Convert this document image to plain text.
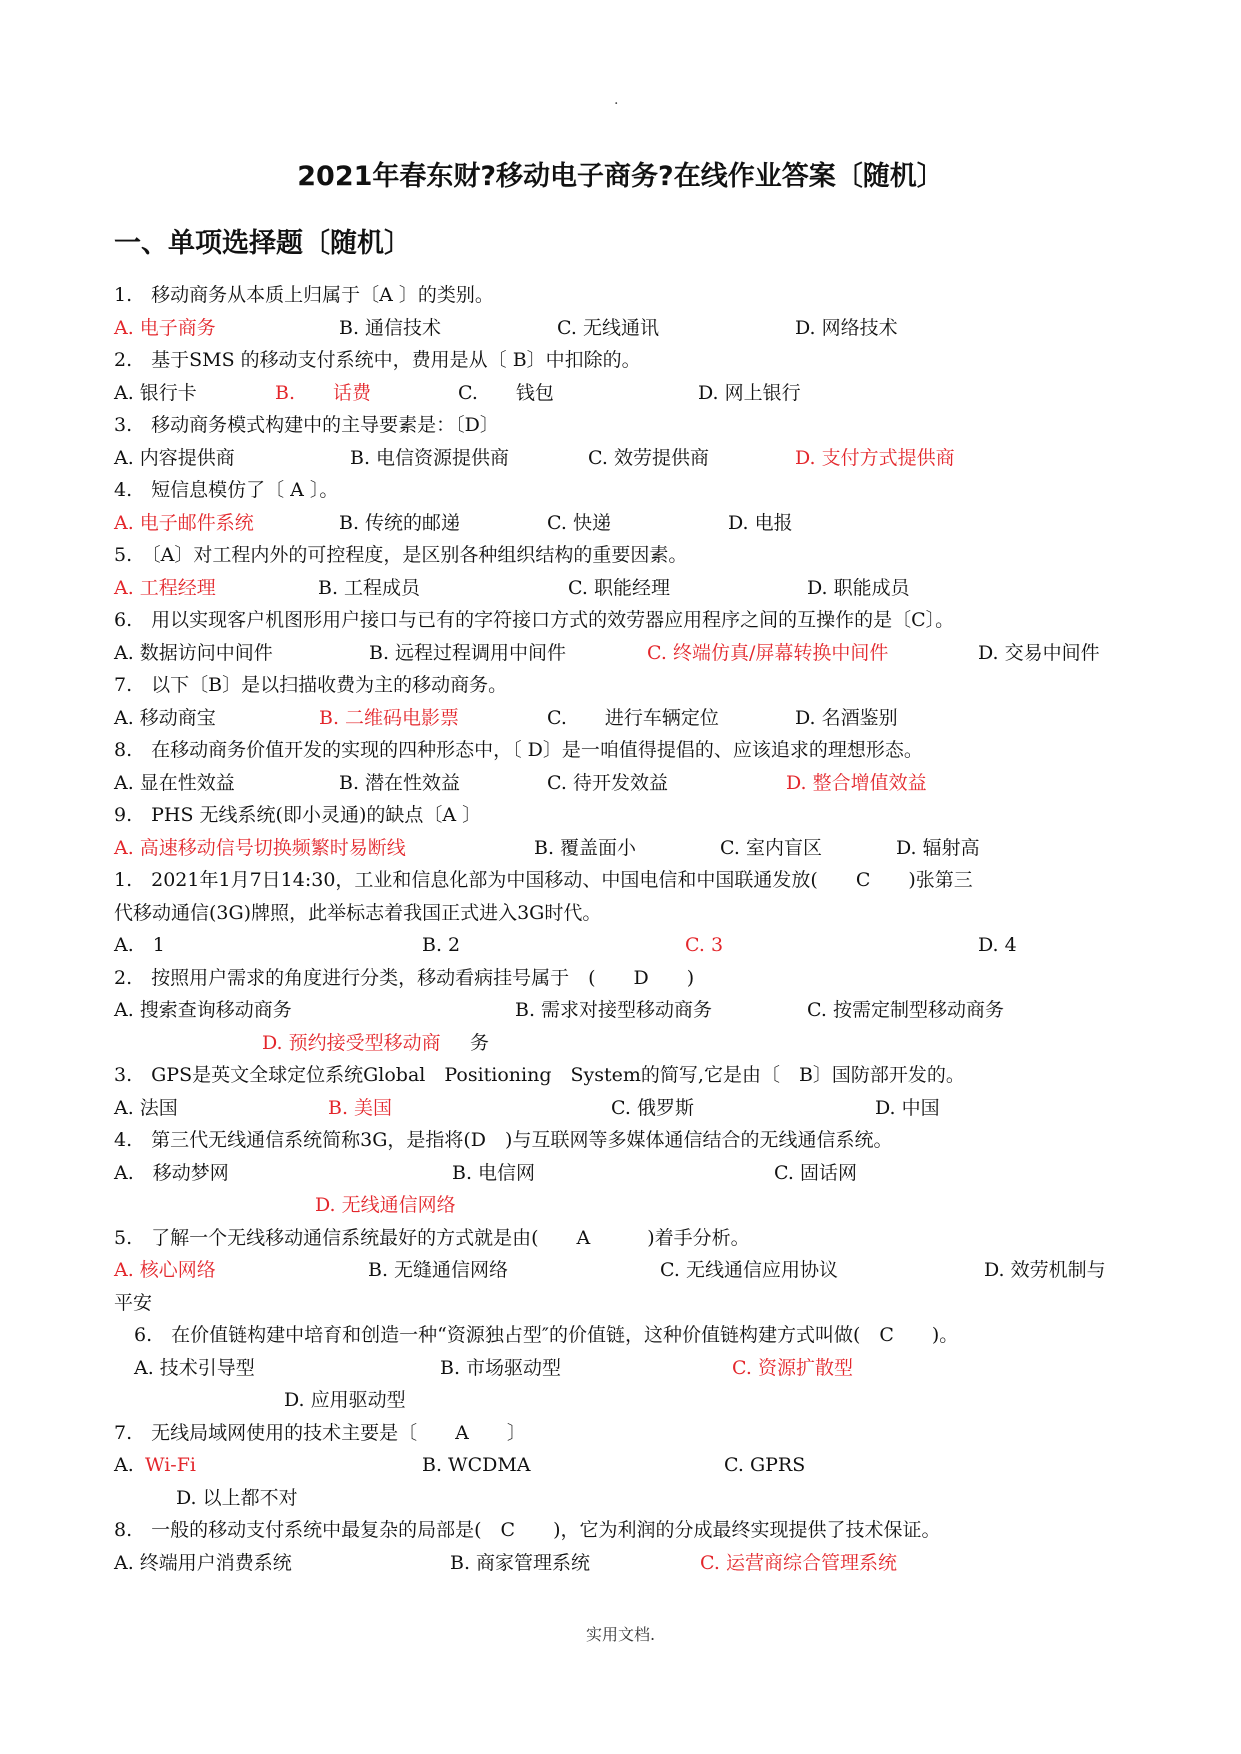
.
2021年春东财?移动电子商务?在线作业答案〔随机〕
一、单项选择题〔随机〕
1.　移动商务从本质上归属于〔A 〕的类别。
A. 电子商务	B. 通信技术	C. 无线通讯	D. 网络技术
2.　基于SMS 的移动支付系统中，费用是从〔 B〕中扣除的。
A. 银行卡	B.　　话费	C.　　钱包	D. 网上银行
3.　移动商务模式构建中的主导要素是：〔D〕
A. 内容提供商	B. 电信资源提供商	C. 效劳提供商	D. 支付方式提供商
4.　短信息模仿了〔 A 〕。
A. 电子邮件系统	B. 传统的邮递	C. 快递	D. 电报
5.　〔A〕对工程内外的可控程度，是区别各种组织结构的重要因素。
A. 工程经理	B. 工程成员	C. 职能经理	D. 职能成员
6.　用以实现客户机图形用户接口与已有的字符接口方式的效劳器应用程序之间的互操作的是〔C〕。
A. 数据访问中间件	B. 远程过程调用中间件	C. 终端仿真/屏幕转换中间件	D. 交易中间件
7.　以下〔B〕是以扫描收费为主的移动商务。
A. 移动商宝	B. 二维码电影票	C.　　进行车辆定位	D. 名酒鉴别
8.　在移动商务价值开发的实现的四种形态中，〔 D〕是一咱值得提倡的、应该追求的理想形态。
A. 显在性效益	B. 潜在性效益	C. 待开发效益	D. 整合增值效益
9.　PHS 无线系统(即小灵通)的缺点〔A 〕
A. 高速移动信号切换频繁时易断线	B. 覆盖面小	C. 室内盲区	D. 辐射高
1.　2021年1月7日14:30，工业和信息化部为中国移动、中国电信和中国联通发放(　　C　　)张第三
代移动通信(3G)牌照，此举标志着我国正式进入3G时代。
A.　1	B. 2	C. 3	D. 4
2.　按照用户需求的角度进行分类，移动看病挂号属于　(　　D　　)
A. 搜索查询移动商务	B. 需求对接型移动商务	C. 按需定制型移动商务
D. 预约接受型移动商 务
3.　GPS是英文全球定位系统Global　Positioning　System的简写,它是由〔　B〕国防部开发的。
A. 法国	B. 美国	C. 俄罗斯	D. 中国
4.　第三代无线通信系统简称3G，是指将(D　)与互联网等多媒体通信结合的无线通信系统。
A.　移动梦网	B. 电信网	C. 固话网
D. 无线通信网络
5.　了解一个无线移动通信系统最好的方式就是由(　　A　　　)着手分析。
A. 核心网络	B. 无缝通信网络	C. 无线通信应用协议	D. 效劳机制与
平安
6.　在价值链构建中培育和创造一种“资源独占型″的价值链，这种价值链构建方式叫做(　C　　)。
A. 技术引导型	B. 市场驱动型	C. 资源扩散型
D. 应用驱动型
7.　无线局域网使用的技术主要是〔　　A　　〕
A. Wi-Fi	B. WCDMA	C. GPRS
D. 以上都不对
8.　一般的移动支付系统中最复杂的局部是(　C　　)，它为利润的分成最终实现提供了技术保证。
A. 终端用户消费系统	B. 商家管理系统	C. 运营商综合管理系统
实用文档.
